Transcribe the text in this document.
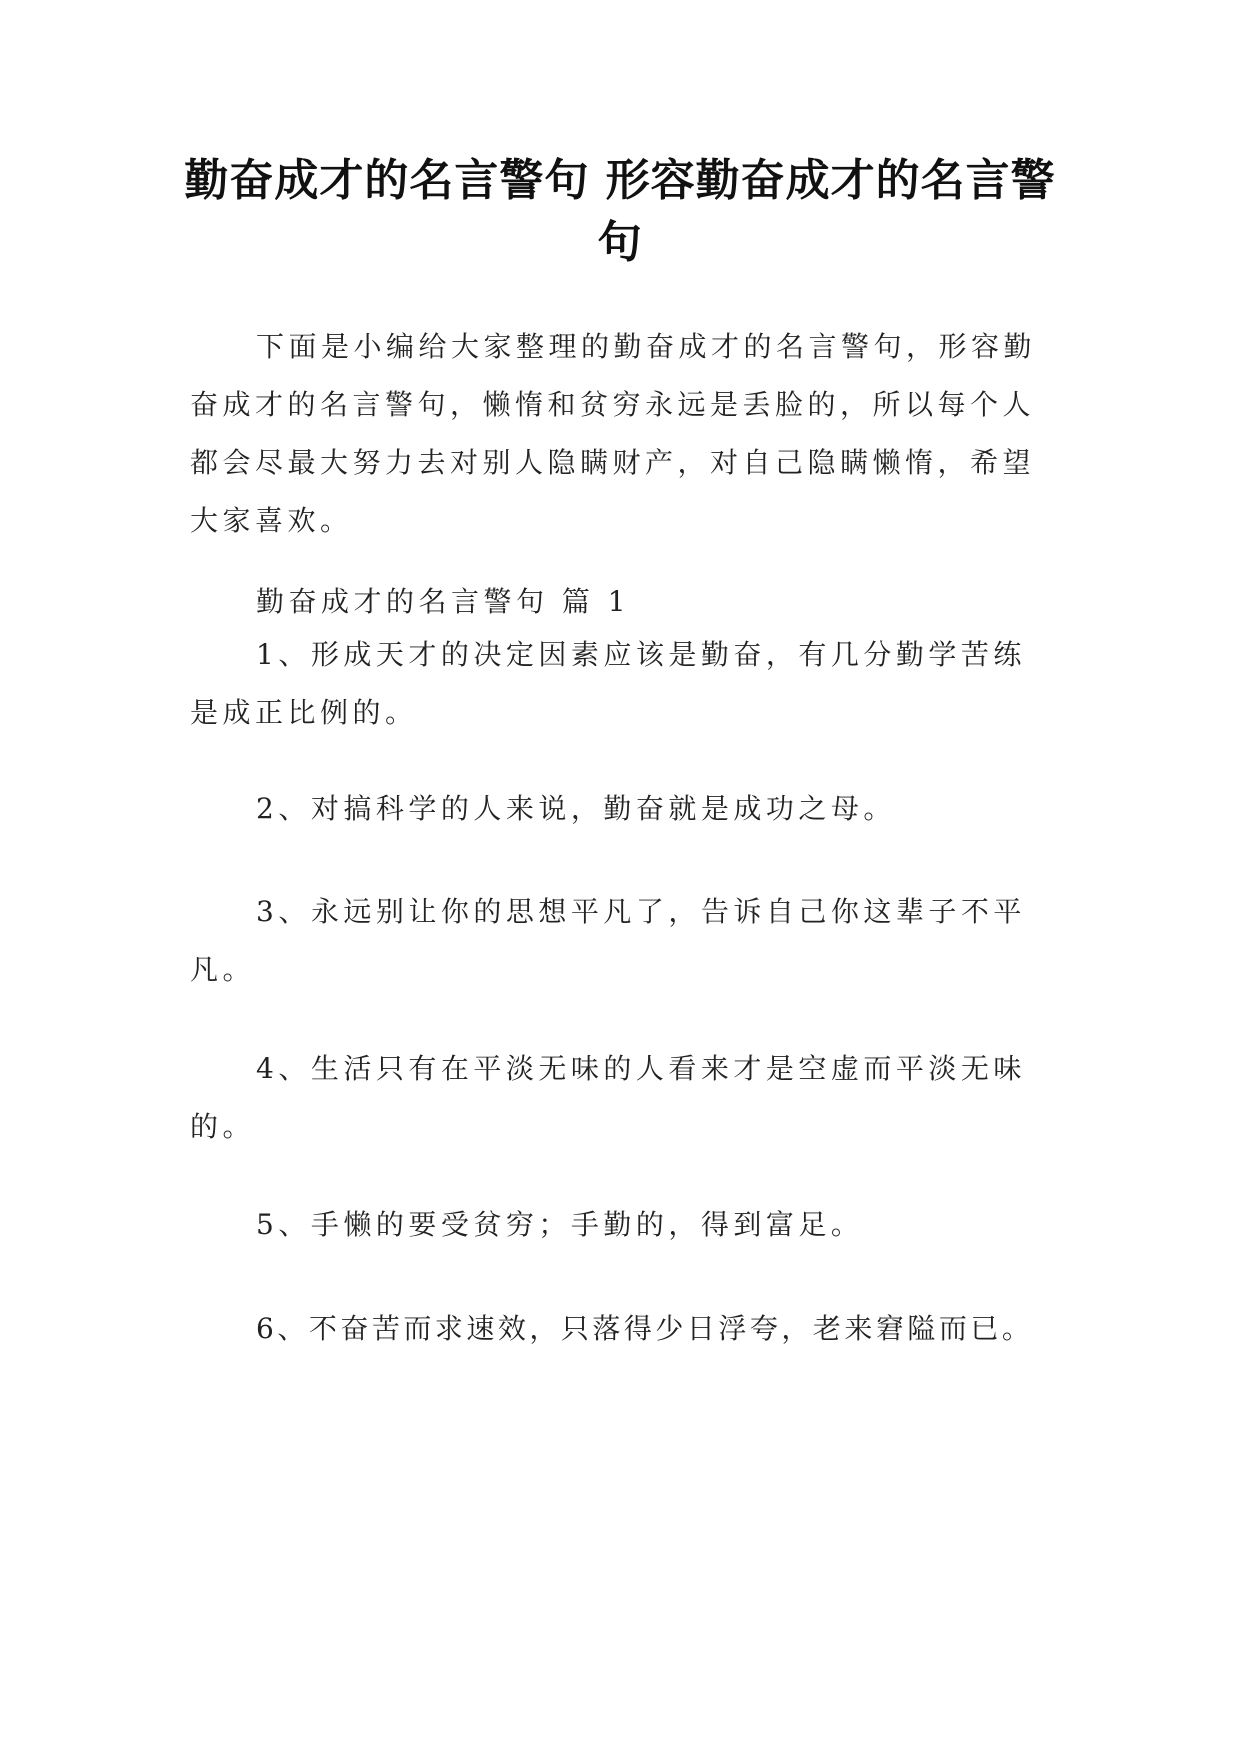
勤奋成才的名言警句 形容勤奋成才的名言警句

下面是小编给大家整理的勤奋成才的名言警句，形容勤奋成才的名言警句，懒惰和贫穷永远是丢脸的，所以每个人都会尽最大努力去对别人隐瞒财产，对自己隐瞒懒惰，希望大家喜欢。

勤奋成才的名言警句 篇 1

1、形成天才的决定因素应该是勤奋，有几分勤学苦练是成正比例的。

2、对搞科学的人来说，勤奋就是成功之母。

3、永远别让你的思想平凡了，告诉自己你这辈子不平凡。

4、生活只有在平淡无味的人看来才是空虚而平淡无味的。

5、手懒的要受贫穷；手勤的，得到富足。

6、不奋苦而求速效，只落得少日浮夸，老来窘隘而已。
